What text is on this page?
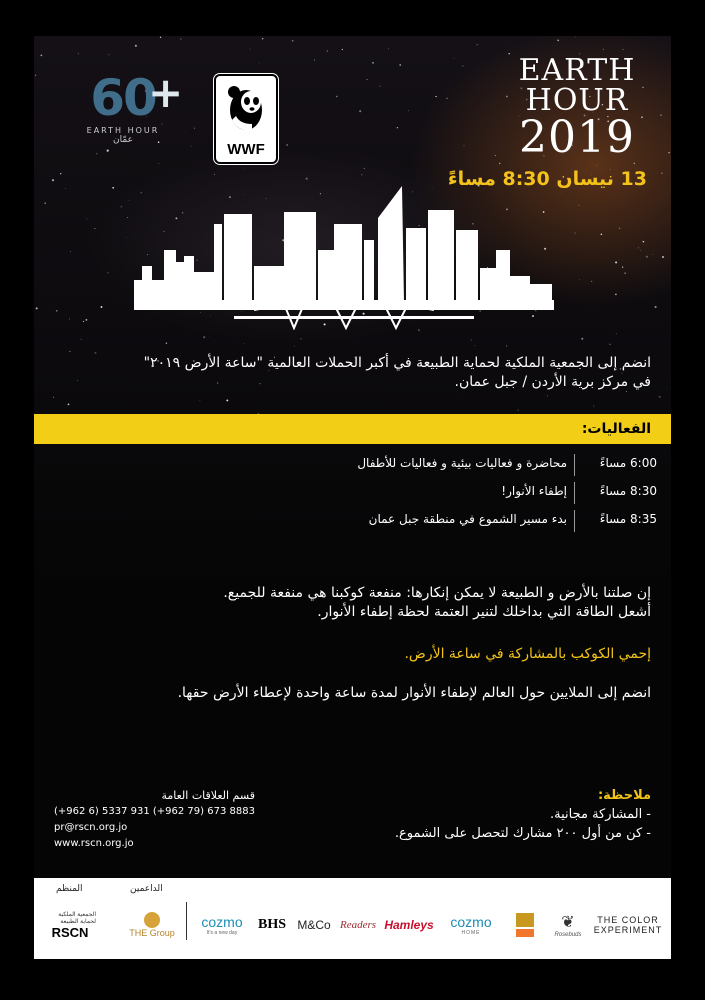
60
+
EARTH HOUR
عمّان
WWF
EARTH
HOUR
2019
13 نيسان 8:30 مساءً
انضم إلى الجمعية الملكية لحماية الطبيعة في أكبر الحملات العالمية "ساعة الأرض ٢٠١٩"
في مركز برية الأردن / جبل عمان.
الفعاليات:
6:00 مساءً
محاضرة و فعاليات بيئية و فعاليات للأطفال
8:30 مساءً
إطفاء الأنوار!
8:35 مساءً
بدء مسير الشموع في منطقة جبل عمان
إن صلتنا بالأرض و الطبيعة لا يمكن إنكارها: منفعة كوكبنا هي منفعة للجميع.
أشعل الطاقة التي بداخلك لتنير العتمة لحظة إطفاء الأنوار.
إحمي الكوكب بالمشاركة في ساعة الأرض.
انضم إلى الملايين حول العالم لإطفاء الأنوار لمدة ساعة واحدة لإعطاء الأرض حقها.
قسم العلاقات العامة
(+962 6) 5337 931 (+962 79) 673 8883
pr@rscn.org.jo
www.rscn.org.jo
ملاحظة:
- المشاركة مجانية.
- كن من أول ٢٠٠ مشارك لتحصل على الشموع.
المنظم	الداعمين
الجمعية الملكية لحماية الطبيعة
RSCN	THE Group
cozmo
It's a new day
BHS M&Co Readers Hamleys cozmo
HOME
❦
Rosebuds
THE COLOR
EXPERIMENT
